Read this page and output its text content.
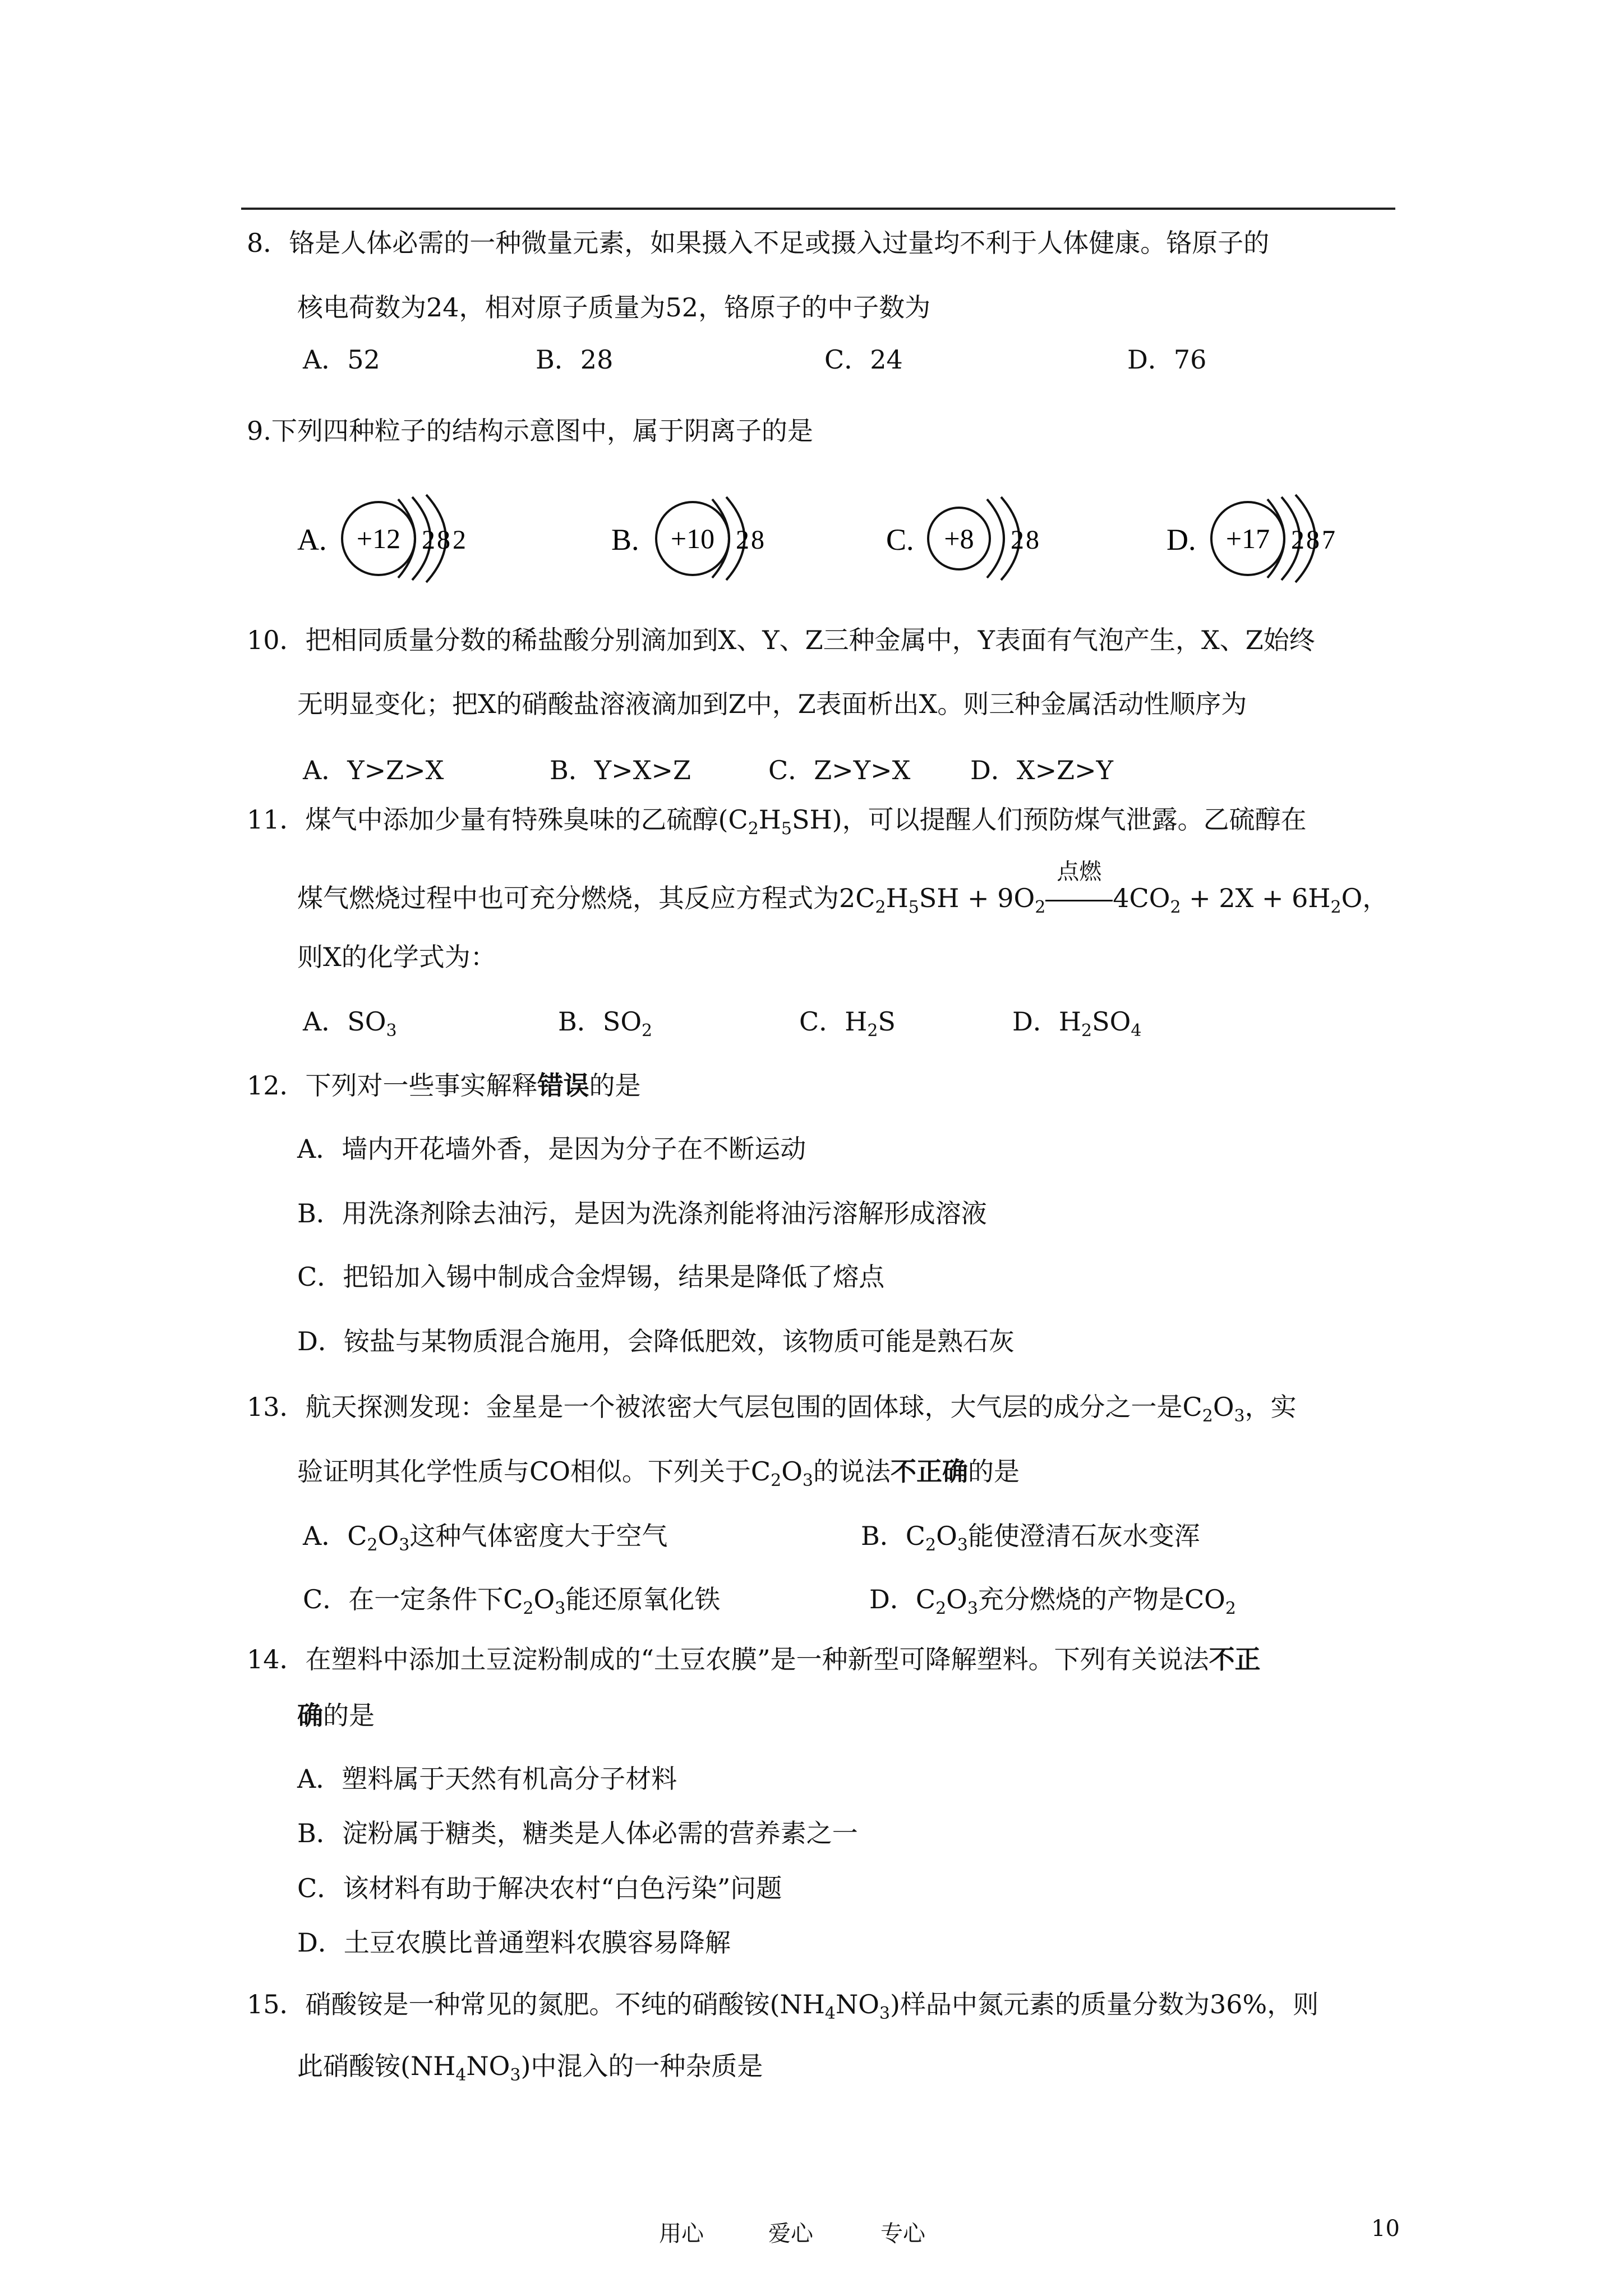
8．铬是人体必需的一种微量元素，如果摄入不足或摄入过量均不利于人体健康。铬原子的
核电荷数为24，相对原子质量为52，铬原子的中子数为
A．52	B．28	C．24	D．76
9.下列四种粒子的结构示意图中，属于阴离子的是
A. +12 2 8 2	B. +10 2 8	C. +8 2 8	D. +17 2 8 7
10．把相同质量分数的稀盐酸分别滴加到X、Y、Z三种金属中，Y表面有气泡产生，X、Z始终
无明显变化；把X的硝酸盐溶液滴加到Z中，Z表面析出X。则三种金属活动性顺序为
A．Y>Z>X	B．Y>X>Z	C．Z>Y>X D．X>Z>Y
11．煤气中添加少量有特殊臭味的乙硫醇$(C_2H_5SH)$，可以提醒人们预防煤气泄露。乙硫醇在
煤气燃烧过程中也可充分燃烧，其反应方程式为$2C_2H_5SH + 9O_2$
点燃
$4CO_2 + 2X + 6H_2O$，
则X的化学式为：
A．$SO_3$	B．$SO_2$	C．$H_2S$	D．$H_2SO_4$
12．下列对一些事实解释错误的是
A．墙内开花墙外香，是因为分子在不断运动
B．用洗涤剂除去油污，是因为洗涤剂能将油污溶解形成溶液
C．把铅加入锡中制成合金焊锡，结果是降低了熔点
D．铵盐与某物质混合施用，会降低肥效，该物质可能是熟石灰
13．航天探测发现：金星是一个被浓密大气层包围的固体球，大气层的成分之一是$C_2O_3$，实
验证明其化学性质与CO相似。下列关于$C_2O_3$的说法不正确的是
A．$C_2O_3$这种气体密度大于空气	B．$C_2O_3$能使澄清石灰水变浑
C．在一定条件下$C_2O_3$能还原氧化铁	D．$C_2O_3$充分燃烧的产物是$CO_2$
14．在塑料中添加土豆淀粉制成的“土豆农膜”是一种新型可降解塑料。下列有关说法不正
确的是
A．塑料属于天然有机高分子材料
B．淀粉属于糖类，糖类是人体必需的营养素之一
C．该材料有助于解决农村“白色污染”问题
D．土豆农膜比普通塑料农膜容易降解
15．硝酸铵是一种常见的氮肥。不纯的硝酸铵$(NH_4NO_3)$样品中氮元素的质量分数为36%，则
此硝酸铵$(NH_4NO_3)$中混入的一种杂质是
用心	爱心	专心	10
